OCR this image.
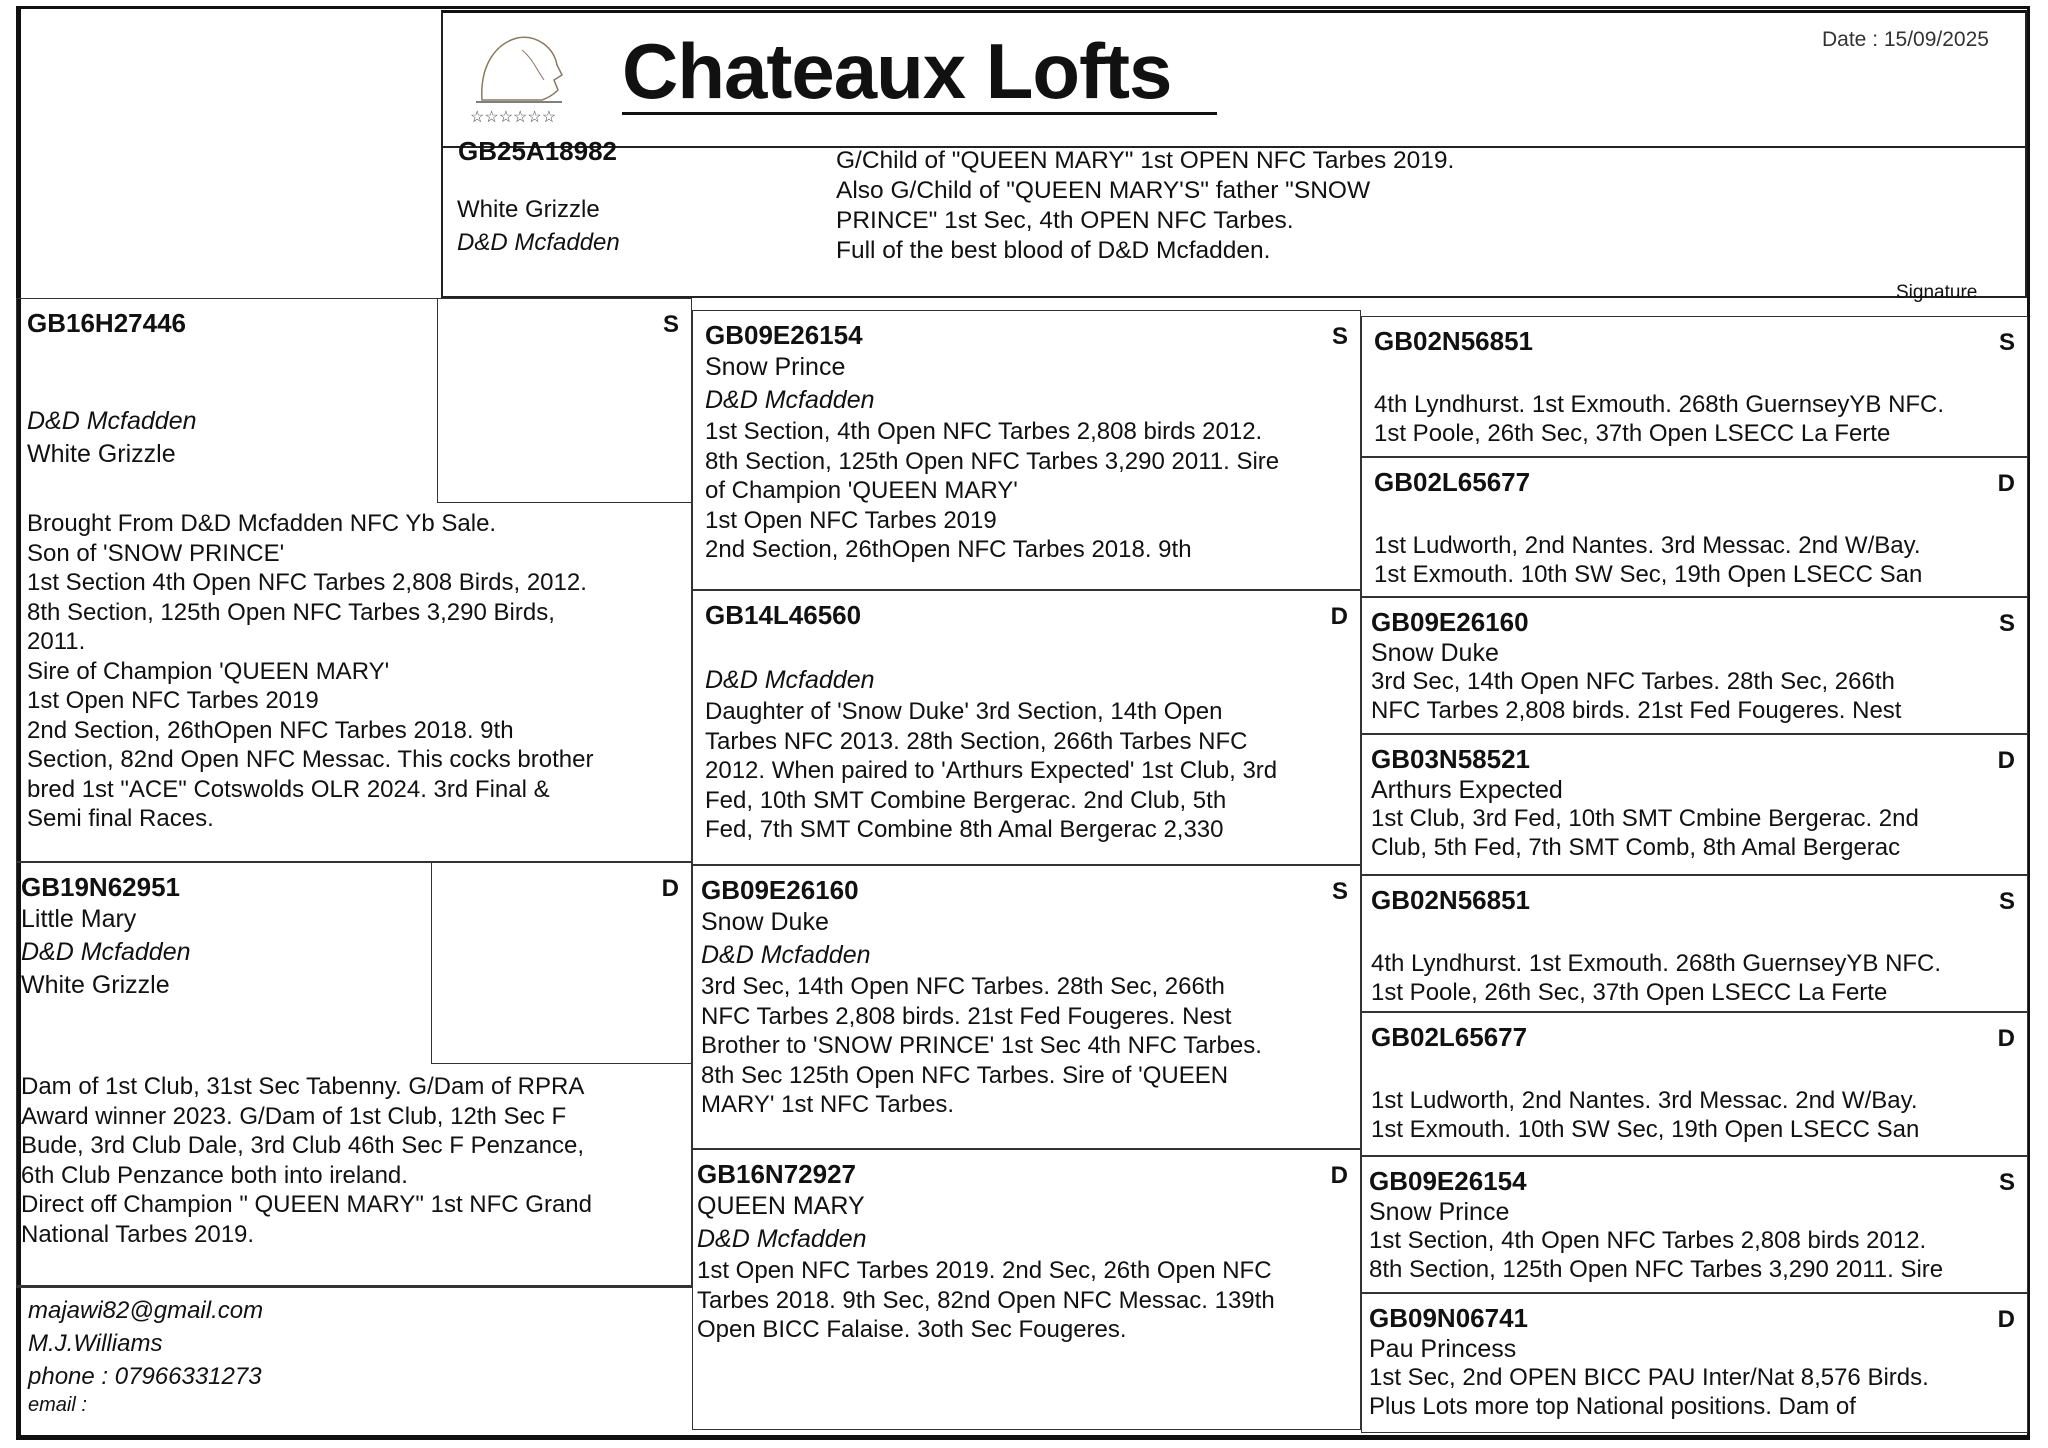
☆☆☆☆☆☆
Chateaux Lofts	Date : 15/09/2025
GB25A18982
White Grizzle
D&D Mcfadden
G/Child of "QUEEN MARY" 1st OPEN NFC Tarbes 2019.
Also G/Child of "QUEEN MARY'S" father "SNOW
PRINCE" 1st Sec, 4th OPEN NFC Tarbes.
Full of the best blood of D&D Mcfadden.
Signature
GB16H27446	S
D&D Mcfadden
White Grizzle
Brought From D&D Mcfadden NFC Yb Sale.
Son of 'SNOW PRINCE'
1st Section 4th Open NFC Tarbes 2,808 Birds, 2012.
8th Section, 125th Open NFC Tarbes 3,290 Birds,
2011.
Sire of Champion 'QUEEN MARY'
1st Open NFC Tarbes 2019
2nd Section, 26thOpen NFC Tarbes 2018. 9th
Section, 82nd Open NFC Messac. This cocks brother
bred 1st "ACE" Cotswolds OLR 2024. 3rd Final &
Semi final Races.
GB19N62951	D
Little Mary
D&D Mcfadden
White Grizzle
Dam of 1st Club, 31st Sec Tabenny. G/Dam of RPRA
Award winner 2023. G/Dam of 1st Club, 12th Sec F
Bude, 3rd Club Dale, 3rd Club 46th Sec F Penzance,
6th Club Penzance both into ireland.
Direct off Champion " QUEEN MARY" 1st NFC Grand
National Tarbes 2019.
GB09E26154	S
Snow Prince
D&D Mcfadden
1st Section, 4th Open NFC Tarbes 2,808 birds 2012.
8th Section, 125th Open NFC Tarbes 3,290 2011. Sire
of Champion 'QUEEN MARY'
1st Open NFC Tarbes 2019
2nd Section, 26thOpen NFC Tarbes 2018. 9th
GB14L46560	D
D&D Mcfadden
Daughter of 'Snow Duke' 3rd Section, 14th Open
Tarbes NFC 2013. 28th Section, 266th Tarbes NFC
2012. When paired to 'Arthurs Expected' 1st Club, 3rd
Fed, 10th SMT Combine Bergerac. 2nd Club, 5th
Fed, 7th SMT Combine 8th Amal Bergerac 2,330
GB09E26160	S
Snow Duke
D&D Mcfadden
3rd Sec, 14th Open NFC Tarbes. 28th Sec, 266th
NFC Tarbes 2,808 birds. 21st Fed Fougeres. Nest
Brother to 'SNOW PRINCE' 1st Sec 4th NFC Tarbes.
8th Sec 125th Open NFC Tarbes. Sire of 'QUEEN
MARY' 1st NFC Tarbes.
GB16N72927	D
QUEEN MARY
D&D Mcfadden
1st Open NFC Tarbes 2019. 2nd Sec, 26th Open NFC
Tarbes 2018. 9th Sec, 82nd Open NFC Messac. 139th
Open BICC Falaise. 3oth Sec Fougeres.
GB02N56851	S
4th Lyndhurst. 1st Exmouth. 268th GuernseyYB NFC.
1st Poole, 26th Sec, 37th Open LSECC La Ferte
GB02L65677	D
1st Ludworth, 2nd Nantes. 3rd Messac. 2nd W/Bay.
1st Exmouth. 10th SW Sec, 19th Open LSECC San
GB09E26160	S
Snow Duke
3rd Sec, 14th Open NFC Tarbes. 28th Sec, 266th
NFC Tarbes 2,808 birds. 21st Fed Fougeres. Nest
GB03N58521	D
Arthurs Expected
1st Club, 3rd Fed, 10th SMT Cmbine Bergerac. 2nd
Club, 5th Fed, 7th SMT Comb, 8th Amal Bergerac
GB02N56851	S
4th Lyndhurst. 1st Exmouth. 268th GuernseyYB NFC.
1st Poole, 26th Sec, 37th Open LSECC La Ferte
GB02L65677	D
1st Ludworth, 2nd Nantes. 3rd Messac. 2nd W/Bay.
1st Exmouth. 10th SW Sec, 19th Open LSECC San
GB09E26154	S
Snow Prince
1st Section, 4th Open NFC Tarbes 2,808 birds 2012.
8th Section, 125th Open NFC Tarbes 3,290 2011. Sire
GB09N06741	D
Pau Princess
1st Sec, 2nd OPEN BICC PAU Inter/Nat 8,576 Birds.
Plus Lots more top National positions. Dam of
majawi82@gmail.com
M.J.Williams
phone : 07966331273
email :
